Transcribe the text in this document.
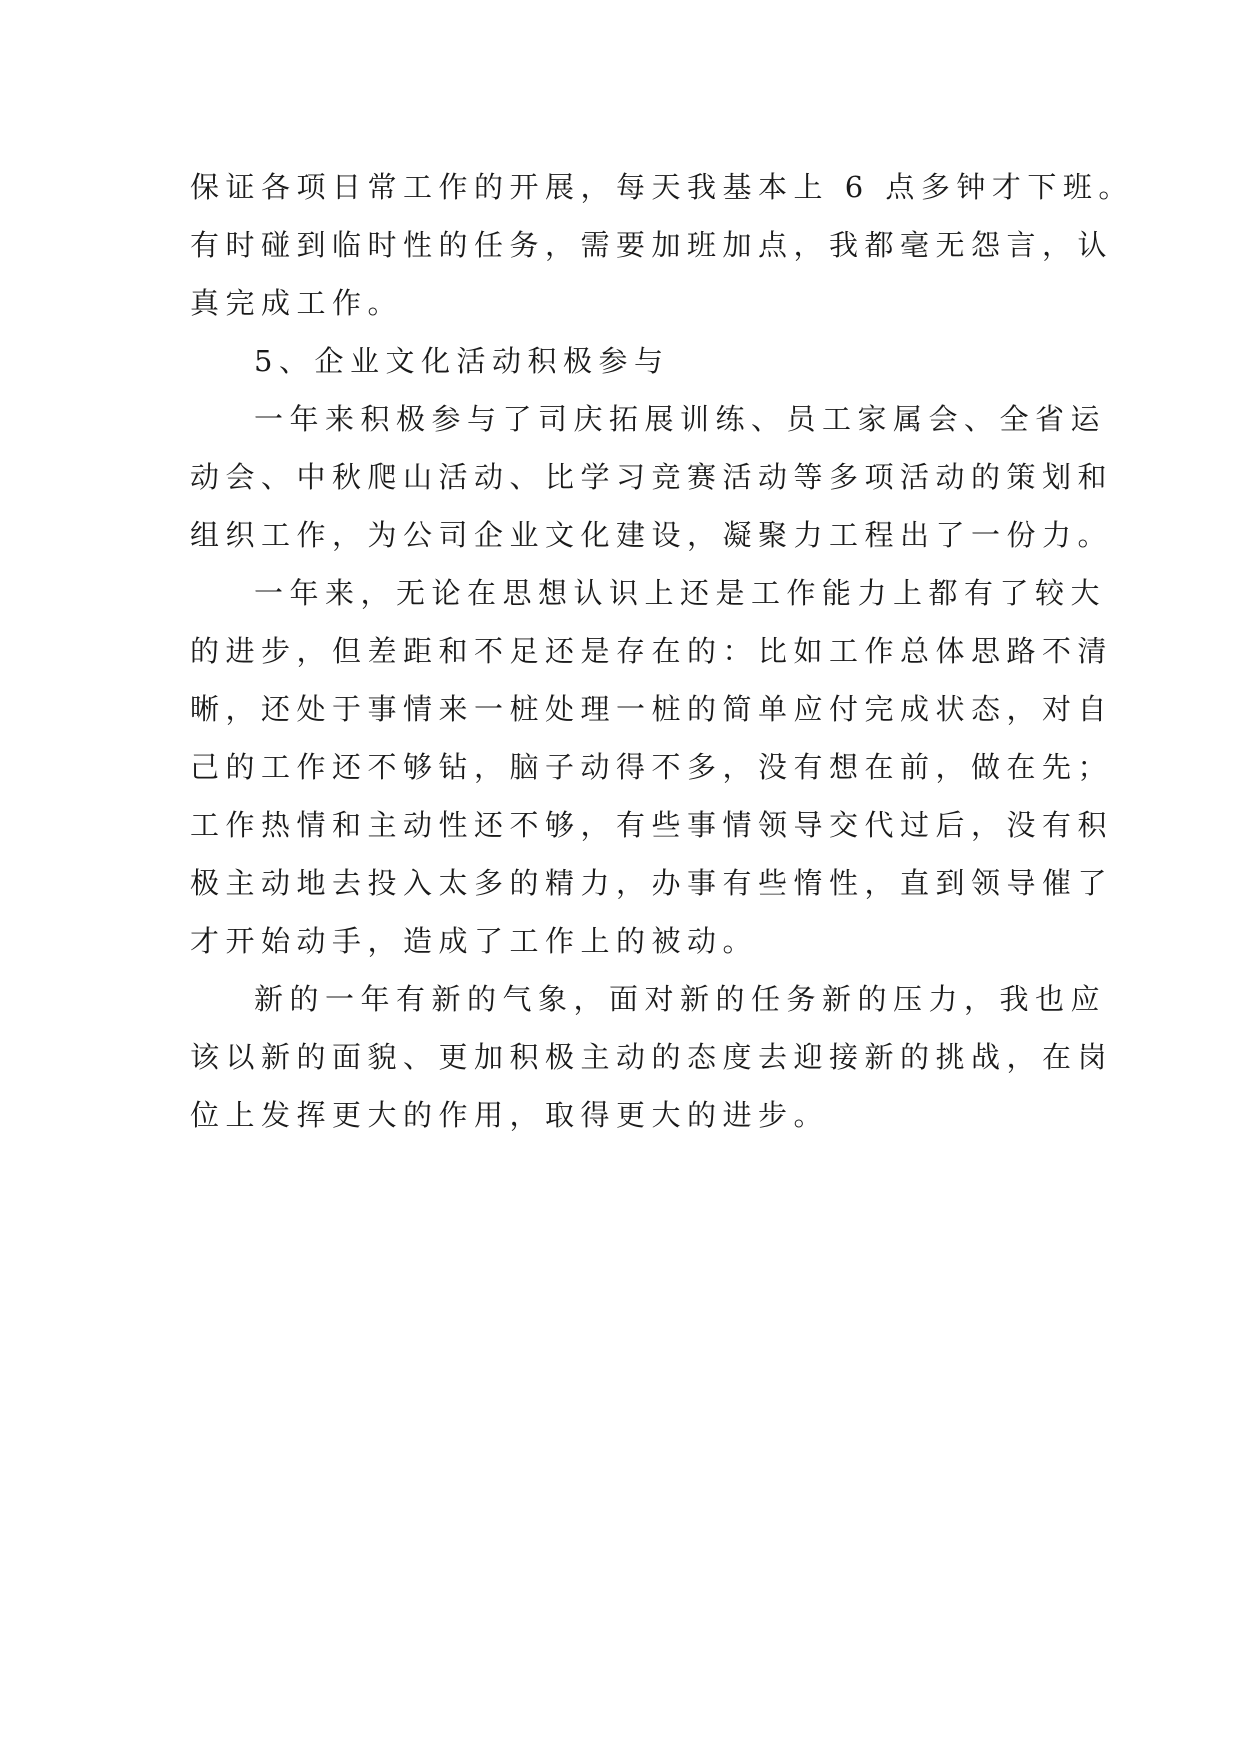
保证各项日常工作的开展，每天我基本上 6 点多钟才下班。
有时碰到临时性的任务，需要加班加点，我都毫无怨言，认
真完成工作。

5、企业文化活动积极参与

一年来积极参与了司庆拓展训练、员工家属会、全省运
动会、中秋爬山活动、比学习竞赛活动等多项活动的策划和
组织工作，为公司企业文化建设，凝聚力工程出了一份力。

一年来，无论在思想认识上还是工作能力上都有了较大
的进步，但差距和不足还是存在的：比如工作总体思路不清
晰，还处于事情来一桩处理一桩的简单应付完成状态，对自
己的工作还不够钻，脑子动得不多，没有想在前，做在先；
工作热情和主动性还不够，有些事情领导交代过后，没有积
极主动地去投入太多的精力，办事有些惰性，直到领导催了
才开始动手，造成了工作上的被动。

新的一年有新的气象，面对新的任务新的压力，我也应
该以新的面貌、更加积极主动的态度去迎接新的挑战，在岗
位上发挥更大的作用，取得更大的进步。
